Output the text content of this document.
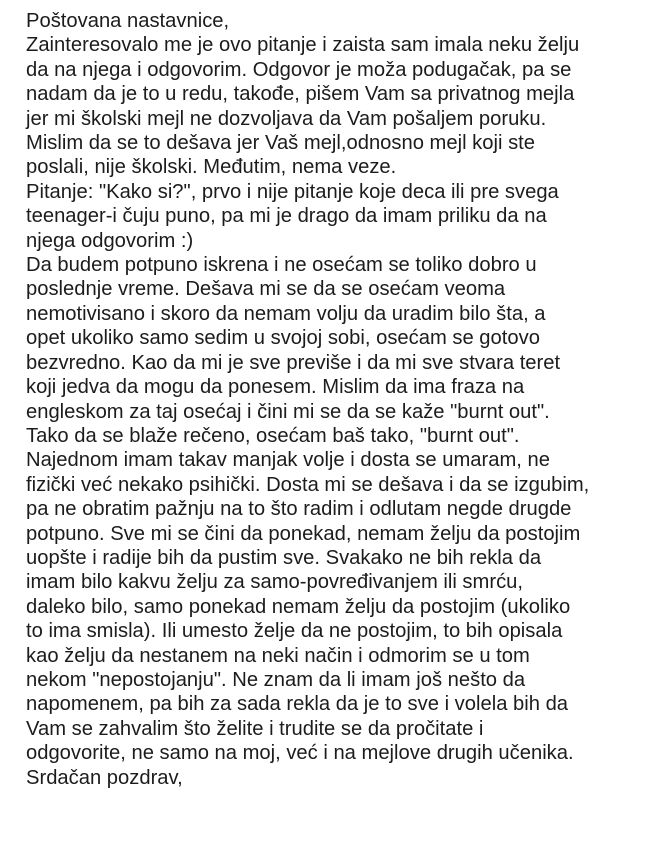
Poštovana nastavnice,
Zainteresovalo me je ovo pitanje i zaista sam imala neku želju
da na njega i odgovorim. Odgovor je moža podugačak, pa se
nadam da je to u redu, takođe, pišem Vam sa privatnog mejla
jer mi školski mejl ne dozvoljava da Vam pošaljem poruku.
Mislim da se to dešava jer Vaš mejl,odnosno mejl koji ste
poslali, nije školski. Međutim, nema veze.
Pitanje: "Kako si?", prvo i nije pitanje koje deca ili pre svega
teenager-i čuju puno, pa mi je drago da imam priliku da na
njega odgovorim :)
Da budem potpuno iskrena i ne osećam se toliko dobro u
poslednje vreme. Dešava mi se da se osećam veoma
nemotivisano i skoro da nemam volju da uradim bilo šta, a
opet ukoliko samo sedim u svojoj sobi, osećam se gotovo
bezvredno. Kao da mi je sve previše i da mi sve stvara teret
koji jedva da mogu da ponesem. Mislim da ima fraza na
engleskom za taj osećaj i čini mi se da se kaže "burnt out".
Tako da se blaže rečeno, osećam baš tako, "burnt out".
Najednom imam takav manjak volje i dosta se umaram, ne
fizički već nekako psihički. Dosta mi se dešava i da se izgubim,
pa ne obratim pažnju na to što radim i odlutam negde drugde
potpuno. Sve mi se čini da ponekad, nemam želju da postojim
uopšte i radije bih da pustim sve. Svakako ne bih rekla da
imam bilo kakvu želju za samo-povređivanjem ili smrću,
daleko bilo, samo ponekad nemam želju da postojim (ukoliko
to ima smisla). Ili umesto želje da ne postojim, to bih opisala
kao želju da nestanem na neki način i odmorim se u tom
nekom "nepostojanju". Ne znam da li imam još nešto da
napomenem, pa bih za sada rekla da je to sve i volela bih da
Vam se zahvalim što želite i trudite se da pročitate i
odgovorite, ne samo na moj, već i na mejlove drugih učenika.
Srdačan pozdrav,
